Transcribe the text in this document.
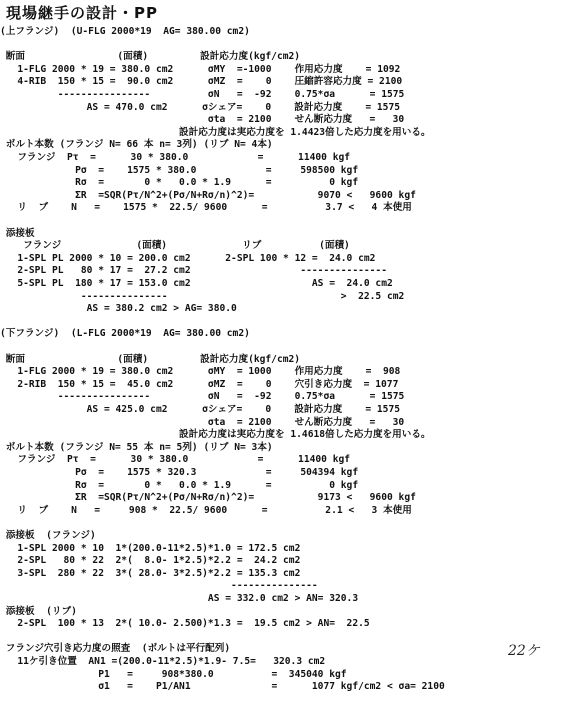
現場継手の設計・PP
22ケ
(上フランジ)  (U-FLG 2000*19  AG= 380.00 cm2)
断面                (面積)         設計応力度(kgf/cm2)
1-FLG 2000 * 19 = 380.0 cm2      σMY  =-1000    作用応力度    = 1092
4-RIB  150 * 15 =  90.0 cm2      σMZ  =    0    圧縮許容応力度 = 2100
----------------          σN   =  -92    0.75*σa      = 1575
AS = 470.0 cm2      σシェア=    0    設計応力度    = 1575
σta  = 2100    せん断応力度   =   30
設計応力度は実応力度を 1.4423倍した応力度を用いる。
ボルト本数 (フランジ N= 66 本 n= 3列) (リブ N= 4本)
フランジ  Pτ  =      30 * 380.0            =      11400 kgf
Pσ  =    1575 * 380.0            =     598500 kgf
Rσ  =       0 *   0.0 * 1.9      =          0 kgf
ΣR  =SQR(Pτ/N^2+(Pσ/N+Rσ/n)^2)=           9070 <   9600 kgf
リ  ブ    N   =    1575 *  22.5/ 9600      =          3.7 <   4 本使用
添接板
フランジ             (面積)             リブ          (面積)
1-SPL PL 2000 * 10 = 200.0 cm2      2-SPL 100 * 12 =  24.0 cm2
2-SPL PL   80 * 17 =  27.2 cm2                   ---------------
5-SPL PL  180 * 17 = 153.0 cm2                     AS =  24.0 cm2
---------------                              >  22.5 cm2
AS = 380.2 cm2 > AG= 380.0
(下フランジ)  (L-FLG 2000*19  AG= 380.00 cm2)
断面                (面積)         設計応力度(kgf/cm2)
1-FLG 2000 * 19 = 380.0 cm2      σMY  = 1000    作用応力度    =  908
2-RIB  150 * 15 =  45.0 cm2      σMZ  =    0    穴引き応力度  = 1077
----------------          σN   =  -92    0.75*σa      = 1575
AS = 425.0 cm2      σシェア=    0    設計応力度    = 1575
σta  = 2100    せん断応力度   =   30
設計応力度は実応力度を 1.4618倍した応力度を用いる。
ボルト本数 (フランジ N= 55 本 n= 5列) (リブ N= 3本)
フランジ  Pτ  =      30 * 380.0            =      11400 kgf
Pσ  =    1575 * 320.3            =     504394 kgf
Rσ  =       0 *   0.0 * 1.9      =          0 kgf
ΣR  =SQR(Pτ/N^2+(Pσ/N+Rσ/n)^2)=           9173 <   9600 kgf
リ  ブ    N   =     908 *  22.5/ 9600      =          2.1 <   3 本使用
添接板  (フランジ)
1-SPL 2000 * 10  1*(200.0-11*2.5)*1.0 = 172.5 cm2
2-SPL   80 * 22  2*(  8.0- 1*2.5)*2.2 =  24.2 cm2
3-SPL  280 * 22  3*( 28.0- 3*2.5)*2.2 = 135.3 cm2
---------------
AS = 332.0 cm2 > AN= 320.3
添接板  (リブ)
2-SPL  100 * 13  2*( 10.0- 2.500)*1.3 =  19.5 cm2 > AN=  22.5
フランジ穴引き応力度の照査  (ボルトは平行配列)
11ケ引き位置  AN1 =(200.0-11*2.5)*1.9- 7.5=   320.3 cm2
P1   =     908*380.0          =  345040 kgf
σ1   =    P1/AN1              =      1077 kgf/cm2 < σa= 2100
